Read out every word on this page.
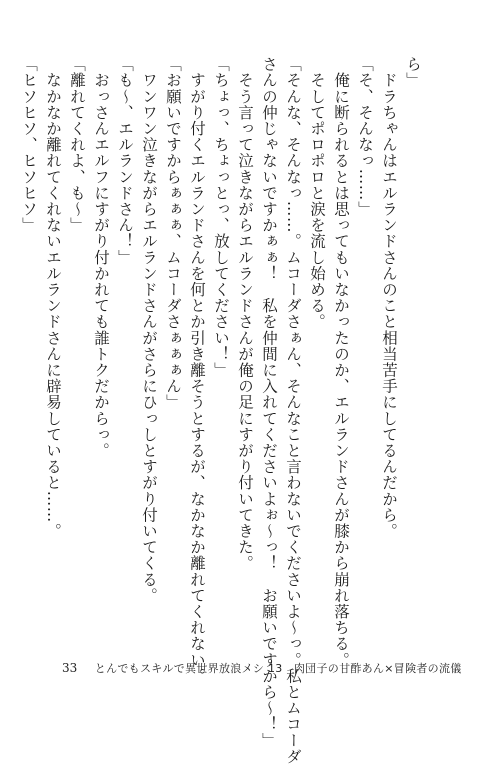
ら」
　ドラちゃんはエルランドさんのこと相当苦手にしてるんだから。
「そ、そんなっ……」
　俺に断られるとは思ってもいなかったのか、エルランドさんが膝から崩れ落ちる。
　そしてポロポロと涙を流し始める。
「そんな、そんなっ……。ムコーダさぁん、そんなこと言わないでくださいよ〜っ。私とムコーダ
さんの仲じゃないですかぁぁ！　私を仲間に入れてくださいよぉ〜っ！　お願いですから〜！」
　そう言って泣きながらエルランドさんが俺の足にすがり付いてきた。
「ちょっ、ちょっとっ、放してください！」
　すがり付くエルランドさんを何とか引き離そうとするが、なかなか離れてくれない。
「お願いですからぁぁぁ、ムコーダさぁぁぁん」
　ワンワン泣きながらエルランドさんがさらにひっしとすがり付いてくる。
「も〜、エルランドさん！」
　おっさんエルフにすがり付かれても誰トクだからっ。
「離れてくれよ、も〜」
　なかなか離れてくれないエルランドさんに辟易していると……。
「ヒソヒソ、ヒソヒソ」
33 とんでもスキルで異世界放浪メシ 13　肉団子の甘酢あん×冒険者の流儀
